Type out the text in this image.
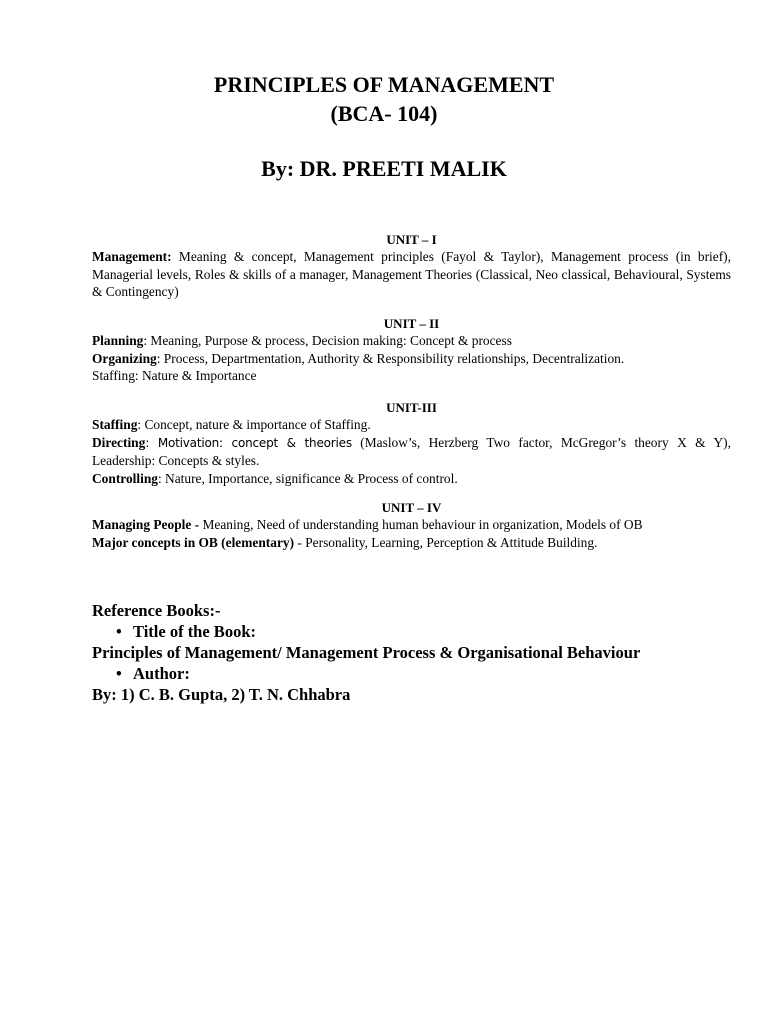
PRINCIPLES OF MANAGEMENT
(BCA- 104)
By: DR. PREETI MALIK

UNIT – I

Management: Meaning & concept, Management principles (Fayol & Taylor), Management process (in brief), Managerial levels, Roles & skills of a manager, Management Theories (Classical, Neo classical, Behavioural, Systems & Contingency)

UNIT – II

Planning: Meaning, Purpose & process, Decision making: Concept & process

Organizing: Process, Departmentation, Authority & Responsibility relationships, Decentralization.

Staffing: Nature & Importance

UNIT-III

Staffing: Concept, nature & importance of Staffing.

Directing: Motivation: concept & theories (Maslow’s, Herzberg Two factor, McGregor’s theory X & Y), Leadership: Concepts & styles.

Controlling: Nature, Importance, significance & Process of control.

UNIT – IV

Managing People - Meaning, Need of understanding human behaviour in organization, Models of OB

Major concepts in OB (elementary) - Personality, Learning, Perception & Attitude Building.

Reference Books:-
• Title of the Book:
Principles of Management/ Management Process & Organisational Behaviour
• Author:
By: 1) C. B. Gupta, 2) T. N. Chhabra
